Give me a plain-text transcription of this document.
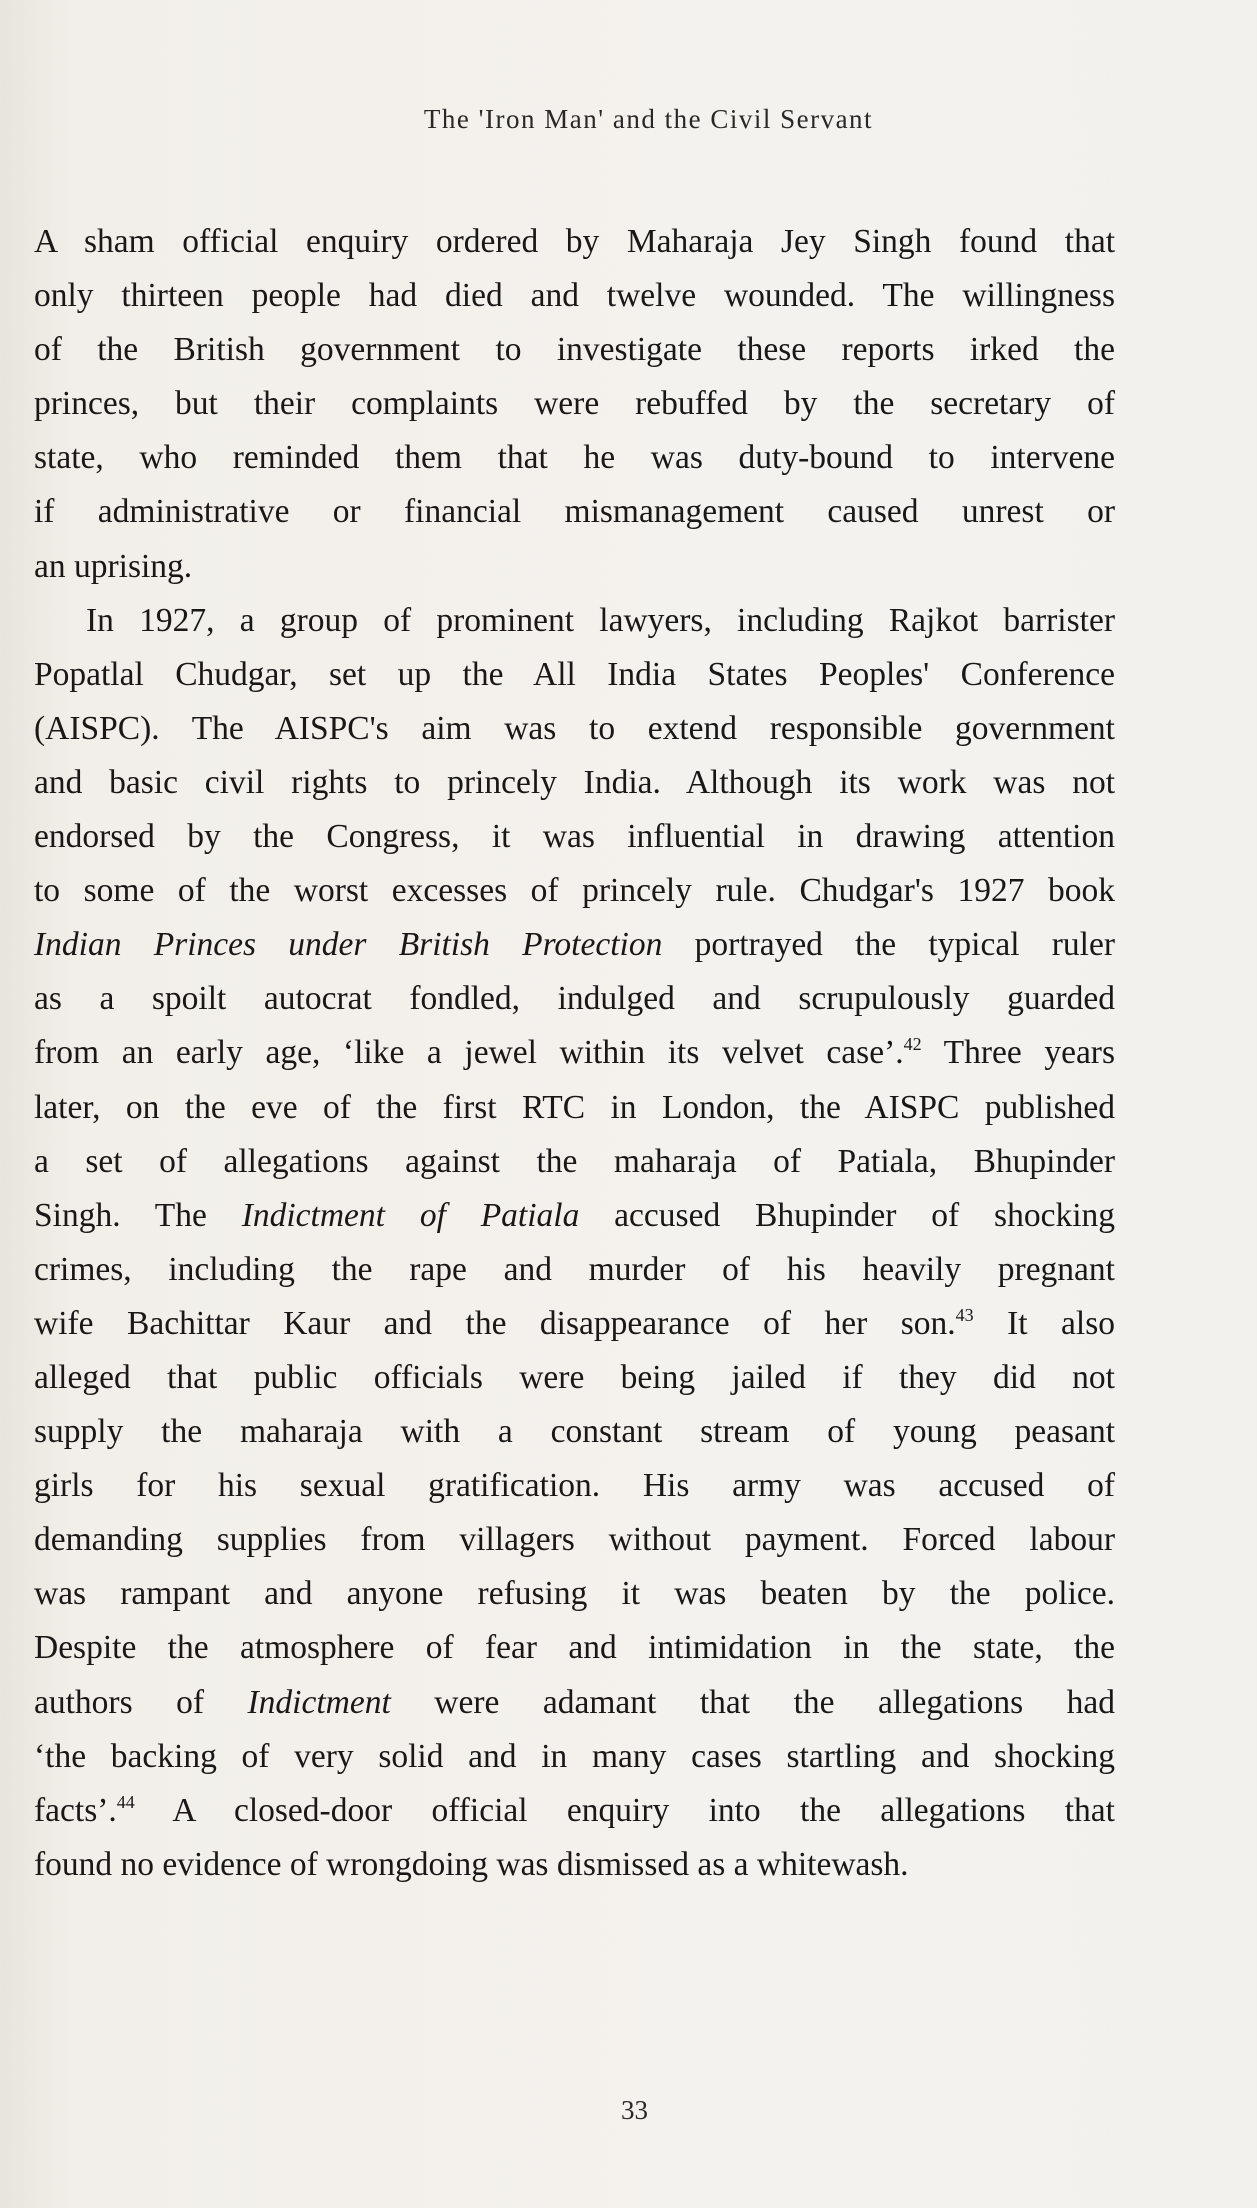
The 'Iron Man' and the Civil Servant
A sham official enquiry ordered by Maharaja Jey Singh found that
only thirteen people had died and twelve wounded. The willingness
of the British government to investigate these reports irked the
princes, but their complaints were rebuffed by the secretary of
state, who reminded them that he was duty-bound to intervene
if administrative or financial mismanagement caused unrest or
an uprising.
In 1927, a group of prominent lawyers, including Rajkot barrister
Popatlal Chudgar, set up the All India States Peoples' Conference
(AISPC). The AISPC's aim was to extend responsible government
and basic civil rights to princely India. Although its work was not
endorsed by the Congress, it was influential in drawing attention
to some of the worst excesses of princely rule. Chudgar's 1927 book
Indian Princes under British Protection portrayed the typical ruler
as a spoilt autocrat fondled, indulged and scrupulously guarded
from an early age, ‘like a jewel within its velvet case’.$^{42}$ Three years
later, on the eve of the first RTC in London, the AISPC published
a set of allegations against the maharaja of Patiala, Bhupinder
Singh. The Indictment of Patiala accused Bhupinder of shocking
crimes, including the rape and murder of his heavily pregnant
wife Bachittar Kaur and the disappearance of her son.$^{43}$ It also
alleged that public officials were being jailed if they did not
supply the maharaja with a constant stream of young peasant
girls for his sexual gratification. His army was accused of
demanding supplies from villagers without payment. Forced labour
was rampant and anyone refusing it was beaten by the police.
Despite the atmosphere of fear and intimidation in the state, the
authors of Indictment were adamant that the allegations had
‘the backing of very solid and in many cases startling and shocking
facts’.$^{44}$ A closed-door official enquiry into the allegations that
found no evidence of wrongdoing was dismissed as a whitewash.
33
